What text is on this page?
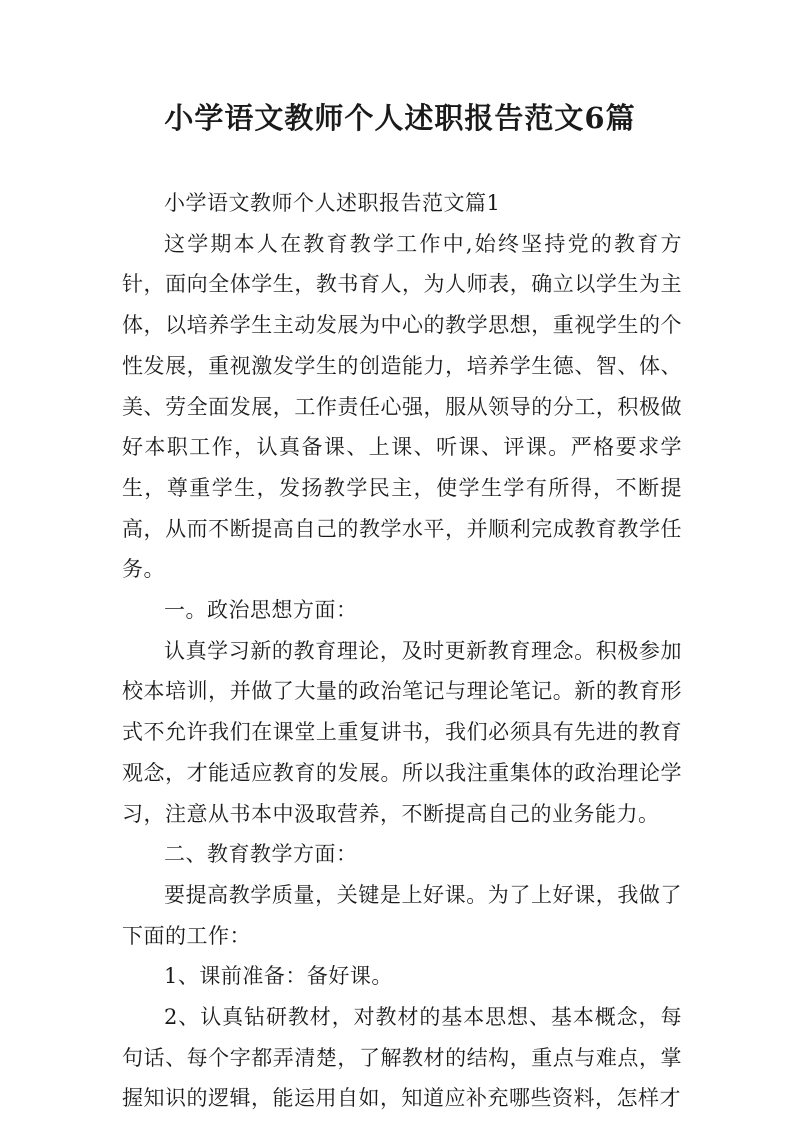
小学语文教师个人述职报告范文6篇

小学语文教师个人述职报告范文篇1

这学期本人在教育教学工作中,始终坚持党的教育方针，面向全体学生，教书育人，为人师表，确立以学生为主体，以培养学生主动发展为中心的教学思想，重视学生的个性发展，重视激发学生的创造能力，培养学生德、智、体、美、劳全面发展，工作责任心强，服从领导的分工，积极做好本职工作，认真备课、上课、听课、评课。严格要求学生，尊重学生，发扬教学民主，使学生学有所得，不断提高，从而不断提高自己的教学水平，并顺利完成教育教学任务。

一。政治思想方面：

认真学习新的教育理论，及时更新教育理念。积极参加校本培训，并做了大量的政治笔记与理论笔记。新的教育形式不允许我们在课堂上重复讲书，我们必须具有先进的教育观念，才能适应教育的发展。所以我注重集体的政治理论学习，注意从书本中汲取营养，不断提高自己的业务能力。

二、教育教学方面：

要提高教学质量，关键是上好课。为了上好课，我做了下面的工作：

1、课前准备：备好课。

2、认真钻研教材，对教材的基本思想、基本概念，每句话、每个字都弄清楚，了解教材的结构，重点与难点，掌握知识的逻辑，能运用自如，知道应补充哪些资料，怎样才
